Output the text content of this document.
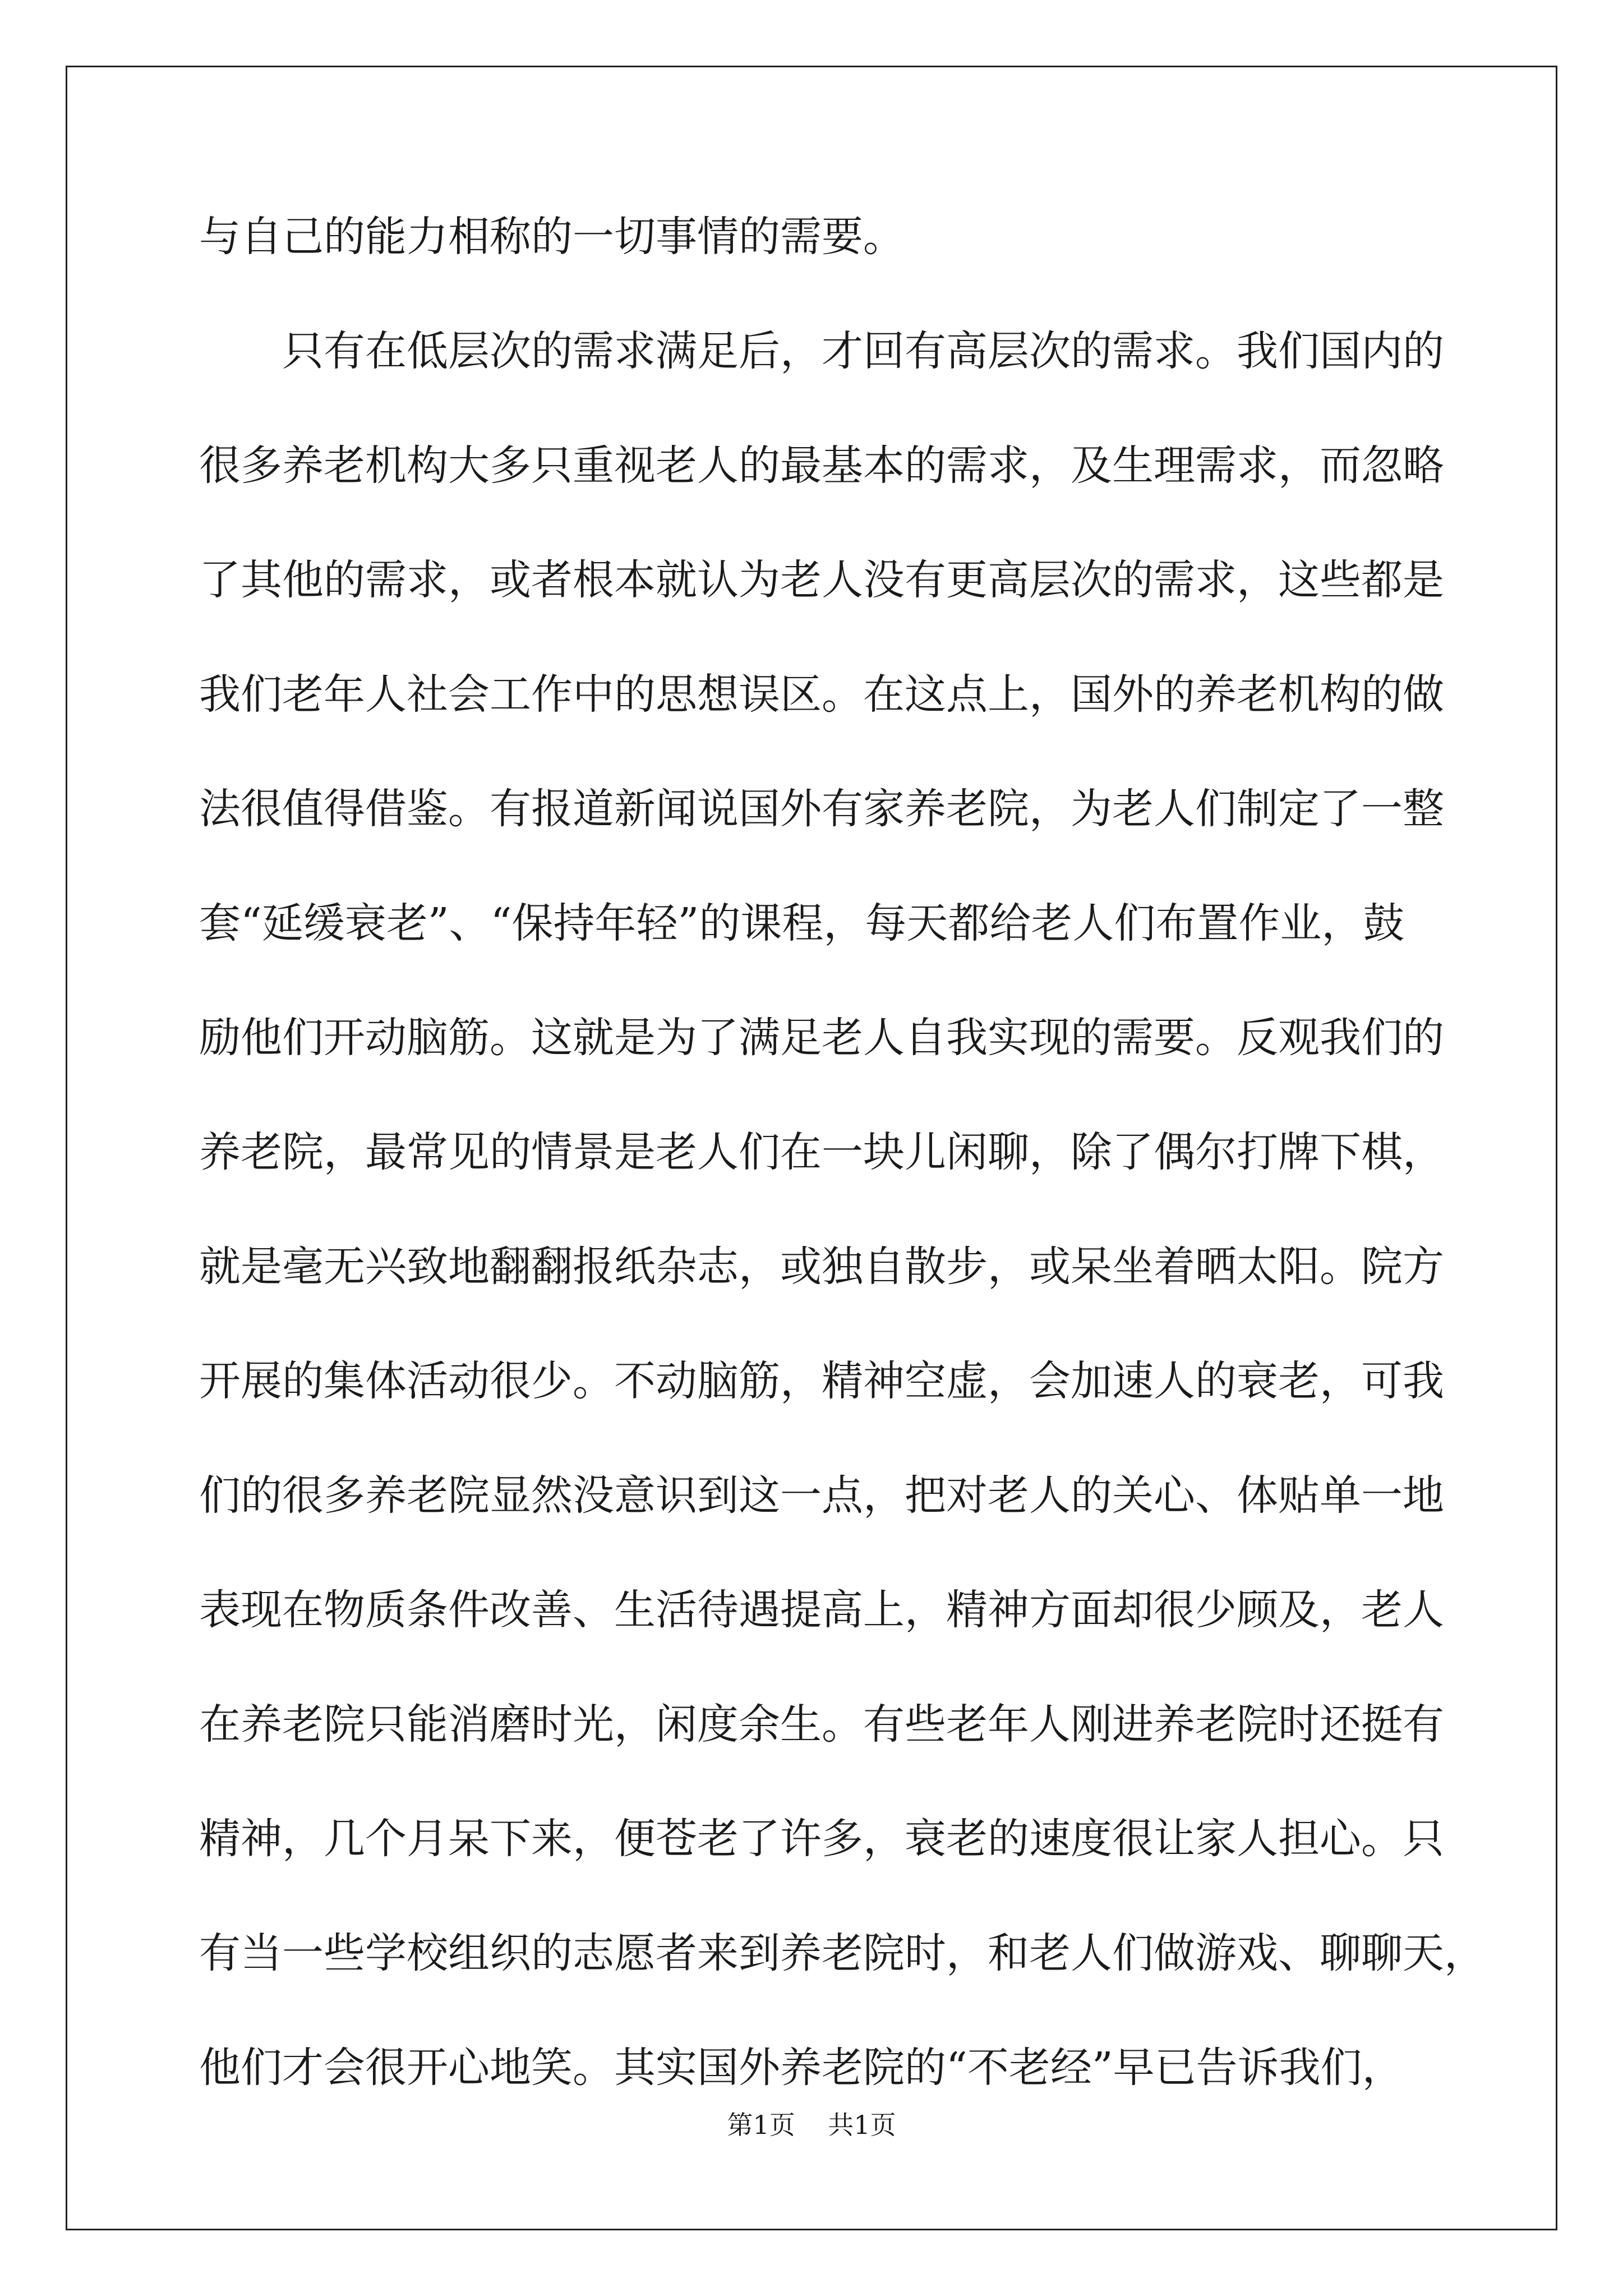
与自己的能力相称的一切事情的需要。
只有在低层次的需求满足后，才回有高层次的需求。我们国内的
很多养老机构大多只重视老人的最基本的需求，及生理需求，而忽略
了其他的需求，或者根本就认为老人没有更高层次的需求，这些都是
我们老年人社会工作中的思想误区。在这点上，国外的养老机构的做
法很值得借鉴。有报道新闻说国外有家养老院，为老人们制定了一整
套“延缓衰老”、“保持年轻”的课程，每天都给老人们布置作业，鼓
励他们开动脑筋。这就是为了满足老人自我实现的需要。反观我们的
养老院，最常见的情景是老人们在一块儿闲聊，除了偶尔打牌下棋，
就是毫无兴致地翻翻报纸杂志，或独自散步，或呆坐着晒太阳。院方
开展的集体活动很少。不动脑筋，精神空虚，会加速人的衰老，可我
们的很多养老院显然没意识到这一点，把对老人的关心、体贴单一地
表现在物质条件改善、生活待遇提高上，精神方面却很少顾及，老人
在养老院只能消磨时光，闲度余生。有些老年人刚进养老院时还挺有
精神，几个月呆下来，便苍老了许多，衰老的速度很让家人担心。只
有当一些学校组织的志愿者来到养老院时，和老人们做游戏、聊聊天，
他们才会很开心地笑。其实国外养老院的“不老经”早已告诉我们，
第1页    共1页
